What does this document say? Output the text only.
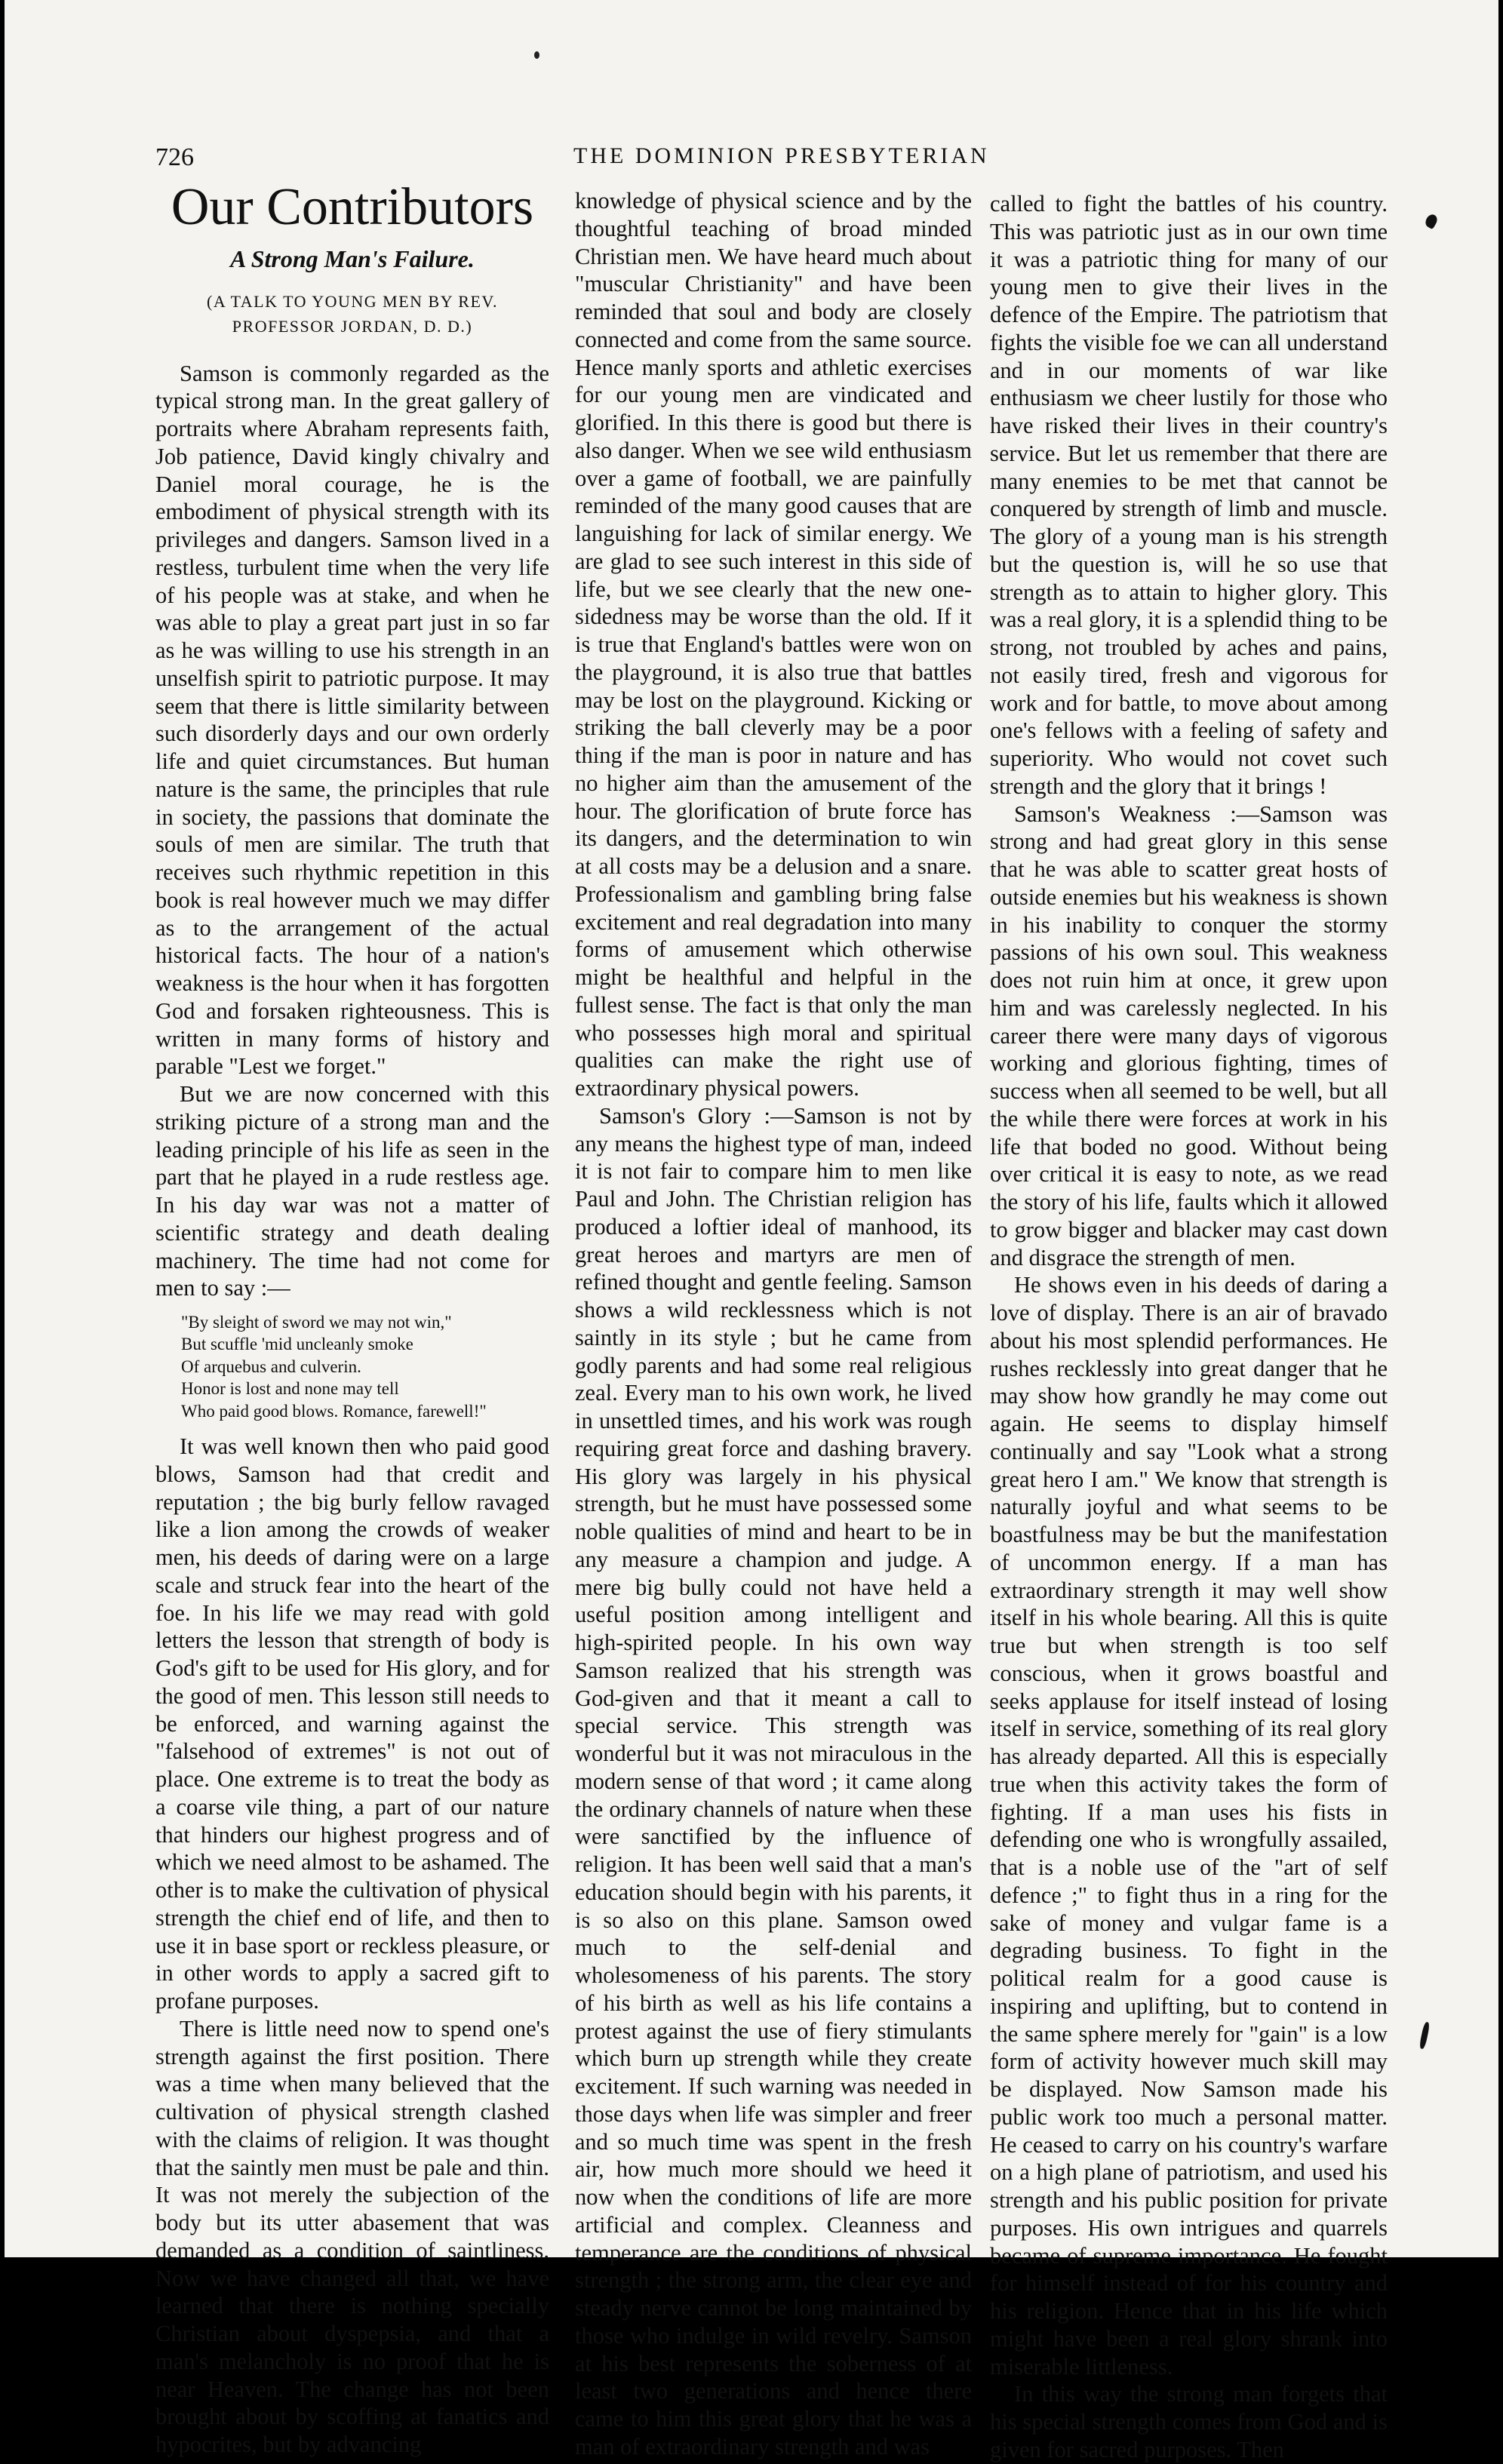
726	THE DOMINION PRESBYTERIAN
Our Contributors
A Strong Man's Failure.
(A TALK TO YOUNG MEN BY REV. PROFESSOR JORDAN, D. D.)

Samson is commonly regarded as the typical strong man. In the great gallery of portraits where Abraham represents faith, Job patience, David kingly chivalry and Daniel moral courage, he is the embodiment of physical strength with its privileges and dangers. Samson lived in a restless, turbulent time when the very life of his people was at stake, and when he was able to play a great part just in so far as he was willing to use his strength in an unselfish spirit to patriotic purpose. It may seem that there is little similarity between such disorderly days and our own orderly life and quiet circumstances. But human nature is the same, the principles that rule in society, the passions that dominate the souls of men are similar. The truth that receives such rhythmic repetition in this book is real however much we may differ as to the arrangement of the actual historical facts. The hour of a nation's weakness is the hour when it has forgotten God and forsaken righteousness. This is written in many forms of history and parable "Lest we forget."

But we are now concerned with this striking picture of a strong man and the leading principle of his life as seen in the part that he played in a rude restless age. In his day war was not a matter of scientific strategy and death dealing machinery. The time had not come for men to say :—

"By sleight of sword we may not win,"
But scuffle 'mid uncleanly smoke
Of arquebus and culverin.
Honor is lost and none may tell
Who paid good blows. Romance, farewell!"

It was well known then who paid good blows, Samson had that credit and reputation ; the big burly fellow ravaged like a lion among the crowds of weaker men, his deeds of daring were on a large scale and struck fear into the heart of the foe. In his life we may read with gold letters the lesson that strength of body is God's gift to be used for His glory, and for the good of men. This lesson still needs to be enforced, and warning against the "falsehood of extremes" is not out of place. One extreme is to treat the body as a coarse vile thing, a part of our nature that hinders our highest progress and of which we need almost to be ashamed. The other is to make the cultivation of physical strength the chief end of life, and then to use it in base sport or reckless pleasure, or in other words to apply a sacred gift to profane purposes.

There is little need now to spend one's strength against the first position. There was a time when many believed that the cultivation of physical strength clashed with the claims of religion. It was thought that the saintly men must be pale and thin. It was not merely the subjection of the body but its utter abasement that was demanded as a condition of saintliness. Now we have changed all that, we have learned that there is nothing specially Christian about dyspepsia, and that a man's melancholy is no proof that he is near Heaven. The change has not been brought about by scoffing at fanatics and hypocrites, but by advancing

knowledge of physical science and by the thoughtful teaching of broad minded Christian men. We have heard much about "muscular Christianity" and have been reminded that soul and body are closely connected and come from the same source. Hence manly sports and athletic exercises for our young men are vindicated and glorified. In this there is good but there is also danger. When we see wild enthusiasm over a game of football, we are painfully reminded of the many good causes that are languishing for lack of similar energy. We are glad to see such interest in this side of life, but we see clearly that the new one-sidedness may be worse than the old. If it is true that England's battles were won on the playground, it is also true that battles may be lost on the playground. Kicking or striking the ball cleverly may be a poor thing if the man is poor in nature and has no higher aim than the amusement of the hour. The glorification of brute force has its dangers, and the determination to win at all costs may be a delusion and a snare. Professionalism and gambling bring false excitement and real degradation into many forms of amusement which otherwise might be healthful and helpful in the fullest sense. The fact is that only the man who possesses high moral and spiritual qualities can make the right use of extraordinary physical powers.

Samson's Glory :—Samson is not by any means the highest type of man, indeed it is not fair to compare him to men like Paul and John. The Christian religion has produced a loftier ideal of manhood, its great heroes and martyrs are men of refined thought and gentle feeling. Samson shows a wild recklessness which is not saintly in its style ; but he came from godly parents and had some real religious zeal. Every man to his own work, he lived in unsettled times, and his work was rough requiring great force and dashing bravery. His glory was largely in his physical strength, but he must have possessed some noble qualities of mind and heart to be in any measure a champion and judge. A mere big bully could not have held a useful position among intelligent and high-spirited people. In his own way Samson realized that his strength was God-given and that it meant a call to special service. This strength was wonderful but it was not miraculous in the modern sense of that word ; it came along the ordinary channels of nature when these were sanctified by the influence of religion. It has been well said that a man's education should begin with his parents, it is so also on this plane. Samson owed much to the self-denial and wholesomeness of his parents. The story of his birth as well as his life contains a protest against the use of fiery stimulants which burn up strength while they create excitement. If such warning was needed in those days when life was simpler and freer and so much time was spent in the fresh air, how much more should we heed it now when the conditions of life are more artificial and complex. Cleanness and temperance are the conditions of physical strength ; the strong arm, the clear eye and steady nerve cannot be long maintained by those who indulge in wild revelry. Samson at his best represents the soberness of at least two generations and hence there came to him this great glory that he was a man of extraordinary strength and was

called to fight the battles of his country. This was patriotic just as in our own time it was a patriotic thing for many of our young men to give their lives in the defence of the Empire. The patriotism that fights the visible foe we can all understand and in our moments of war like enthusiasm we cheer lustily for those who have risked their lives in their country's service. But let us remember that there are many enemies to be met that cannot be conquered by strength of limb and muscle. The glory of a young man is his strength but the question is, will he so use that strength as to attain to higher glory. This was a real glory, it is a splendid thing to be strong, not troubled by aches and pains, not easily tired, fresh and vigorous for work and for battle, to move about among one's fellows with a feeling of safety and superiority. Who would not covet such strength and the glory that it brings !

Samson's Weakness :—Samson was strong and had great glory in this sense that he was able to scatter great hosts of outside enemies but his weakness is shown in his inability to conquer the stormy passions of his own soul. This weakness does not ruin him at once, it grew upon him and was carelessly neglected. In his career there were many days of vigorous working and glorious fighting, times of success when all seemed to be well, but all the while there were forces at work in his life that boded no good. Without being over critical it is easy to note, as we read the story of his life, faults which it allowed to grow bigger and blacker may cast down and disgrace the strength of men.

He shows even in his deeds of daring a love of display. There is an air of bravado about his most splendid performances. He rushes recklessly into great danger that he may show how grandly he may come out again. He seems to display himself continually and say "Look what a strong great hero I am." We know that strength is naturally joyful and what seems to be boastfulness may be but the manifestation of uncommon energy. If a man has extraordinary strength it may well show itself in his whole bearing. All this is quite true but when strength is too self conscious, when it grows boastful and seeks applause for itself instead of losing itself in service, something of its real glory has already departed. All this is especially true when this activity takes the form of fighting. If a man uses his fists in defending one who is wrongfully assailed, that is a noble use of the "art of self defence ;" to fight thus in a ring for the sake of money and vulgar fame is a degrading business. To fight in the political realm for a good cause is inspiring and uplifting, but to contend in the same sphere merely for "gain" is a low form of activity however much skill may be displayed. Now Samson made his public work too much a personal matter. He ceased to carry on his country's warfare on a high plane of patriotism, and used his strength and his public position for private purposes. His own intrigues and quarrels became of supreme importance. He fought for himself instead of for his country and his religion. Hence that in his life which might have been a real glory shrank into miserable littleness.

In this way the strong man forgets that his special strength comes from God and is given for sacred purposes. Then
